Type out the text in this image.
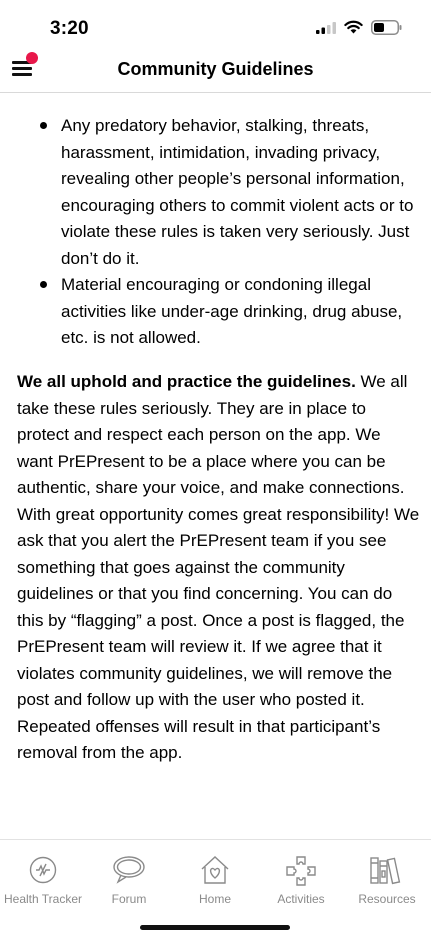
3:20
Community Guidelines
Any predatory behavior, stalking, threats, harassment, intimidation, invading privacy, revealing other people’s personal information, encouraging others to commit violent acts or to violate these rules is taken very seriously. Just don’t do it.
Material encouraging or condoning illegal activities like under-age drinking, drug abuse, etc. is not allowed.

We all uphold and practice the guidelines. We all take these rules seriously. They are in place to protect and respect each person on the app. We want PrEPresent to be a place where you can be authentic, share your voice, and make connections. With great opportunity comes great responsibility! We ask that you alert the PrEPresent team if you see something that goes against the community guidelines or that you find concerning. You can do this by “flagging” a post. Once a post is flagged, the PrEPresent team will review it. If we agree that it violates community guidelines, we will remove the post and follow up with the user who posted it. Repeated offenses will result in that participant’s removal from the app.

Health Tracker	Forum	Home	Activities	Resources
